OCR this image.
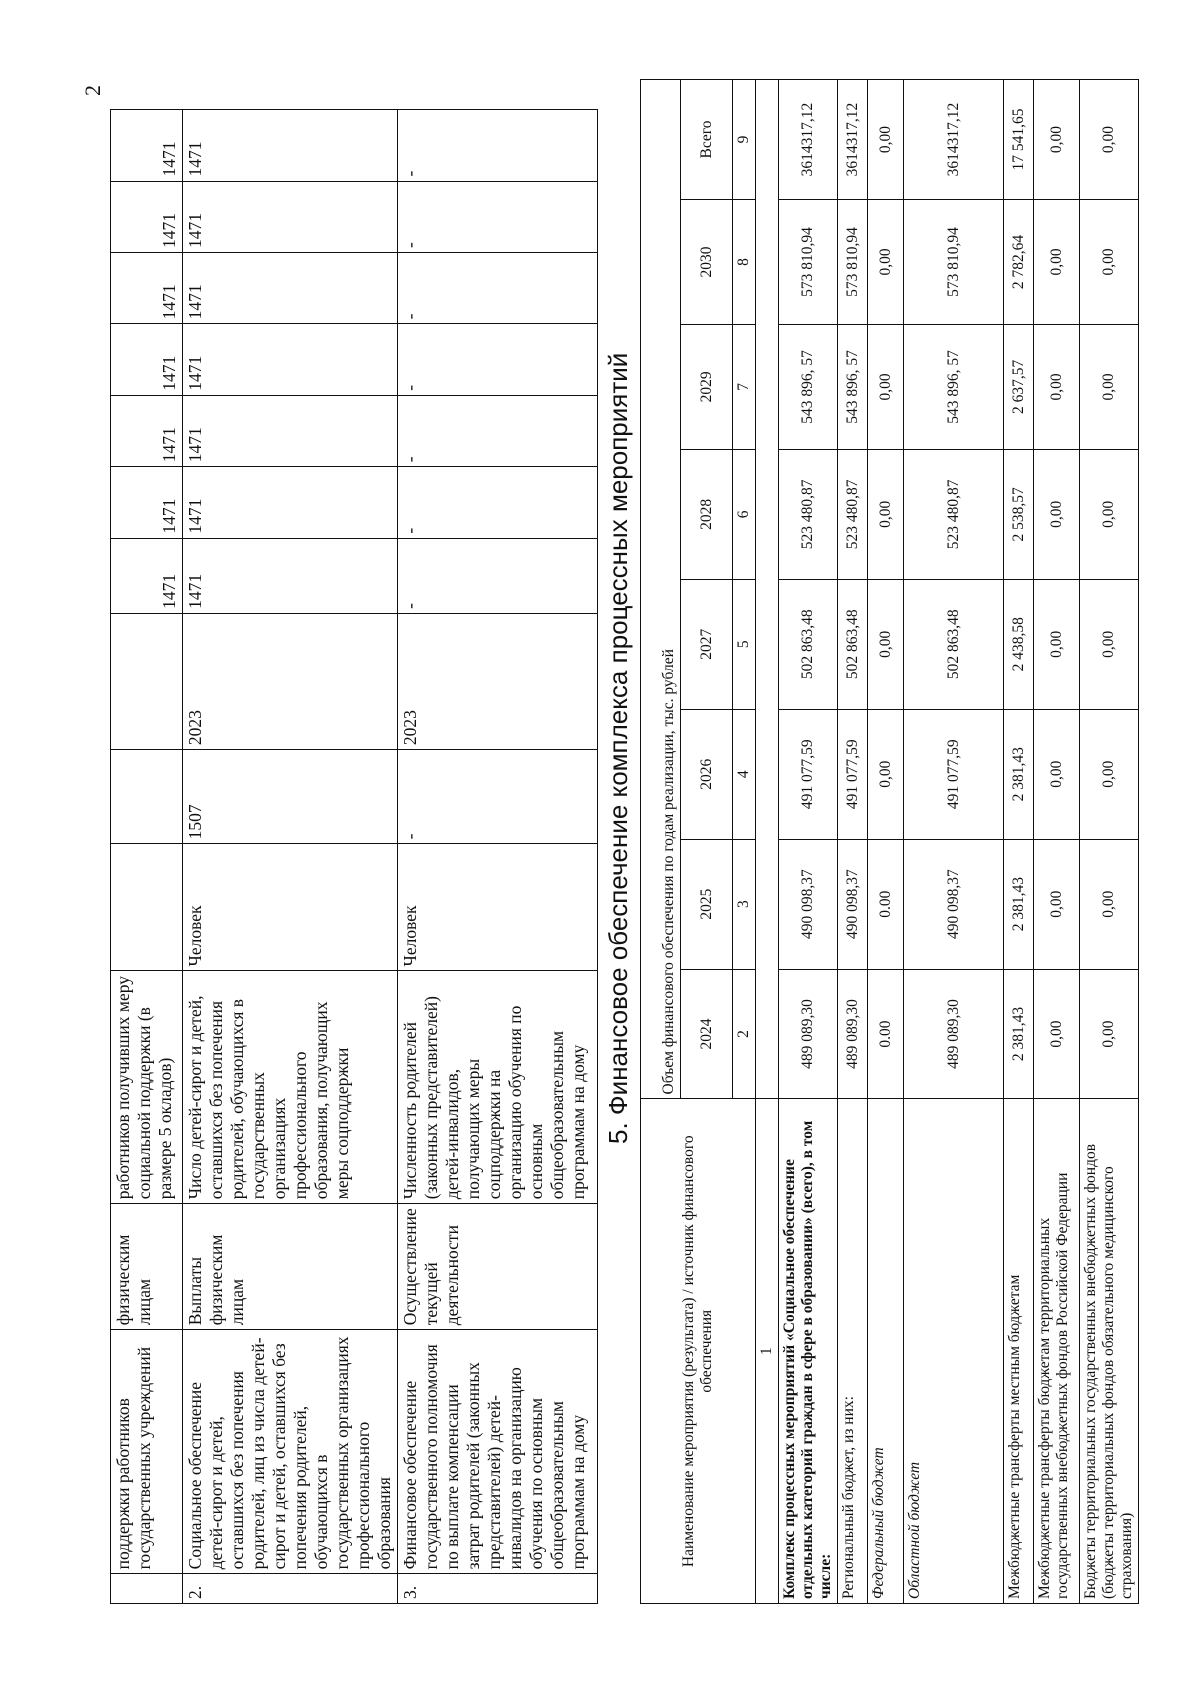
2
	поддержки работников государственных учреждений	физическим лицам	работников получивших меру социальной поддержки (в размере 5 окладов)				1471	1471	1471	1471	1471	1471	1471
2.	Социальное обеспечение детей-сирот и детей, оставшихся без попечения родителей, лиц из числа детей-сирот и детей, оставшихся без попечения родителей, обучающихся в государственных организациях профессионального образования	Выплаты физическим лицам	Число детей-сирот и детей, оставшихся без попечения родителей, обучающихся в государственных организациях профессионального образования, получающих меры соцподдержки	Человек	1507	2023	1471	1471	1471	1471	1471	1471	1471
3.	Финансовое обеспечение государственного полномочия по выплате компенсации затрат родителей (законных представителей) детей-инвалидов на организацию обучения по основным общеобразовательным программам на дому	Осуществление текущей деятельности	Численность родителей (законных представителей) детей-инвалидов, получающих меры соцподдержки на организацию обучения по основным общеобразовательным программам на дому	Человек	-	2023	-	-	-	-	-	-	-
5. Финансовое обеспечение комплекса процессных мероприятий
Наименование мероприятия (результата) / источник финансового обеспечения	Объем финансового обеспечения по годам реализации, тыс. рублей							
	2024	2025	2026	2027	2028	2029	2030	Всего
	2	3	4	5	6	7	8	9
1								
Комплекс процессных мероприятий «Социальное обеспечение отдельных категорий граждан в сфере в образовании» (всего), в том числе:	489 089,30	490 098,37	491 077,59	502 863,48	523 480,87	543 896, 57	573 810,94	3614317,12
Региональный бюджет, из них:	489 089,30	490 098,37	491 077,59	502 863,48	523 480,87	543 896, 57	573 810,94	3614317,12
Федеральный бюджет	0.00	0.00	0,00	0,00	0,00	0,00	0,00	0,00
Областной бюджет	489 089,30	490 098,37	491 077,59	502 863,48	523 480,87	543 896, 57	573 810,94	3614317,12
Межбюджетные трансферты местным бюджетам	2 381,43	2 381,43	2 381,43	2 438,58	2 538,57	2 637,57	2 782,64	17 541,65
Межбюджетные трансферты бюджетам территориальных государственных внебюджетных фондов Российской Федерации	0,00	0,00	0,00	0,00	0,00	0,00	0,00	0,00
Бюджеты территориальных государственных внебюджетных фондов (бюджеты территориальных фондов обязательного медицинского страхования)	0,00	0,00	0,00	0,00	0,00	0,00	0,00	0,00
